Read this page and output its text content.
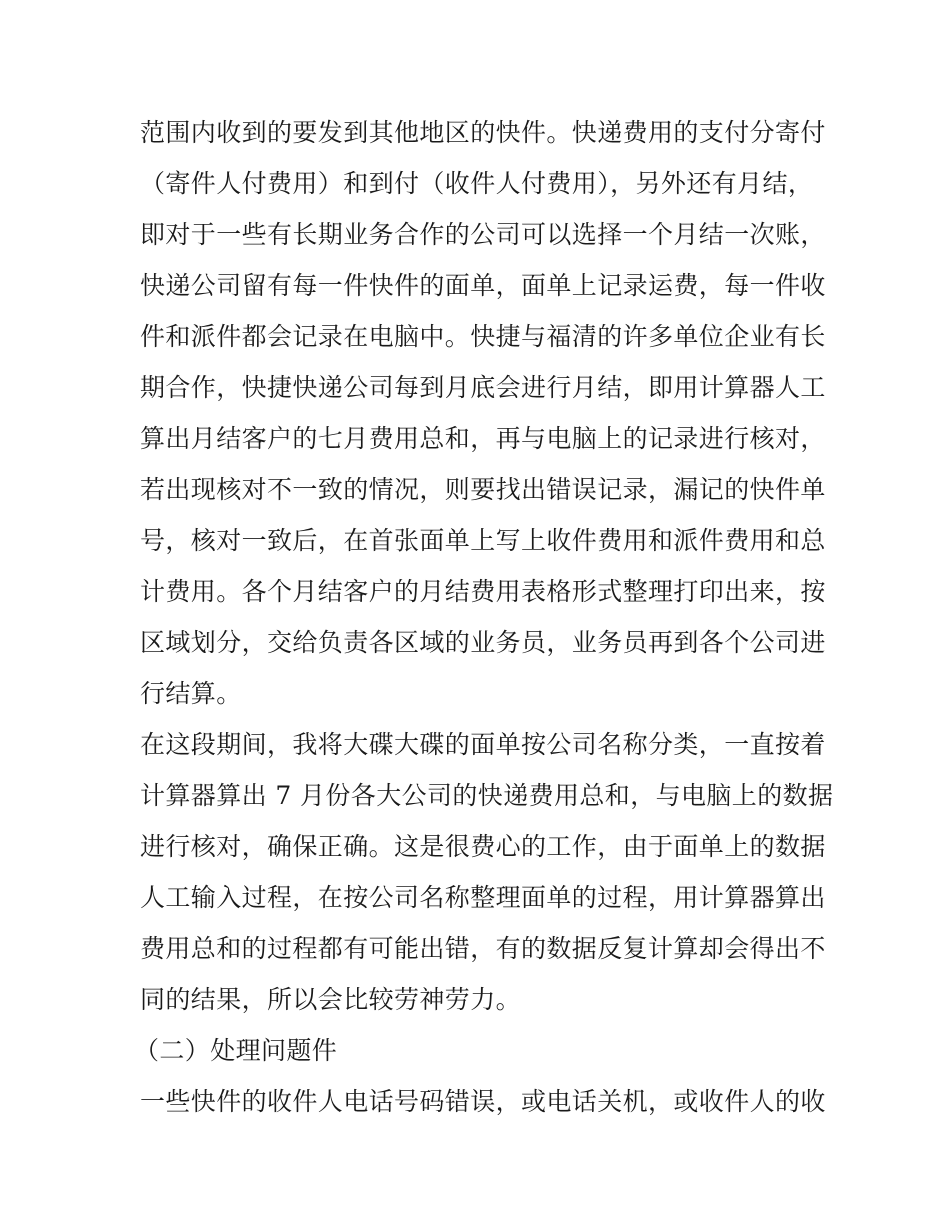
范围内收到的要发到其他地区的快件。快递费用的支付分寄付
（寄件人付费用）和到付（收件人付费用），另外还有月结，
即对于一些有长期业务合作的公司可以选择一个月结一次账，
快递公司留有每一件快件的面单，面单上记录运费，每一件收
件和派件都会记录在电脑中。快捷与福清的许多单位企业有长
期合作，快捷快递公司每到月底会进行月结，即用计算器人工
算出月结客户的七月费用总和，再与电脑上的记录进行核对，
若出现核对不一致的情况，则要找出错误记录，漏记的快件单
号，核对一致后，在首张面单上写上收件费用和派件费用和总
计费用。各个月结客户的月结费用表格形式整理打印出来，按
区域划分，交给负责各区域的业务员，业务员再到各个公司进
行结算。
在这段期间，我将大碟大碟的面单按公司名称分类，一直按着
计算器算出 7 月份各大公司的快递费用总和，与电脑上的数据
进行核对，确保正确。这是很费心的工作，由于面单上的数据
人工输入过程，在按公司名称整理面单的过程，用计算器算出
费用总和的过程都有可能出错，有的数据反复计算却会得出不
同的结果，所以会比较劳神劳力。
（二）处理问题件
一些快件的收件人电话号码错误，或电话关机，或收件人的收
